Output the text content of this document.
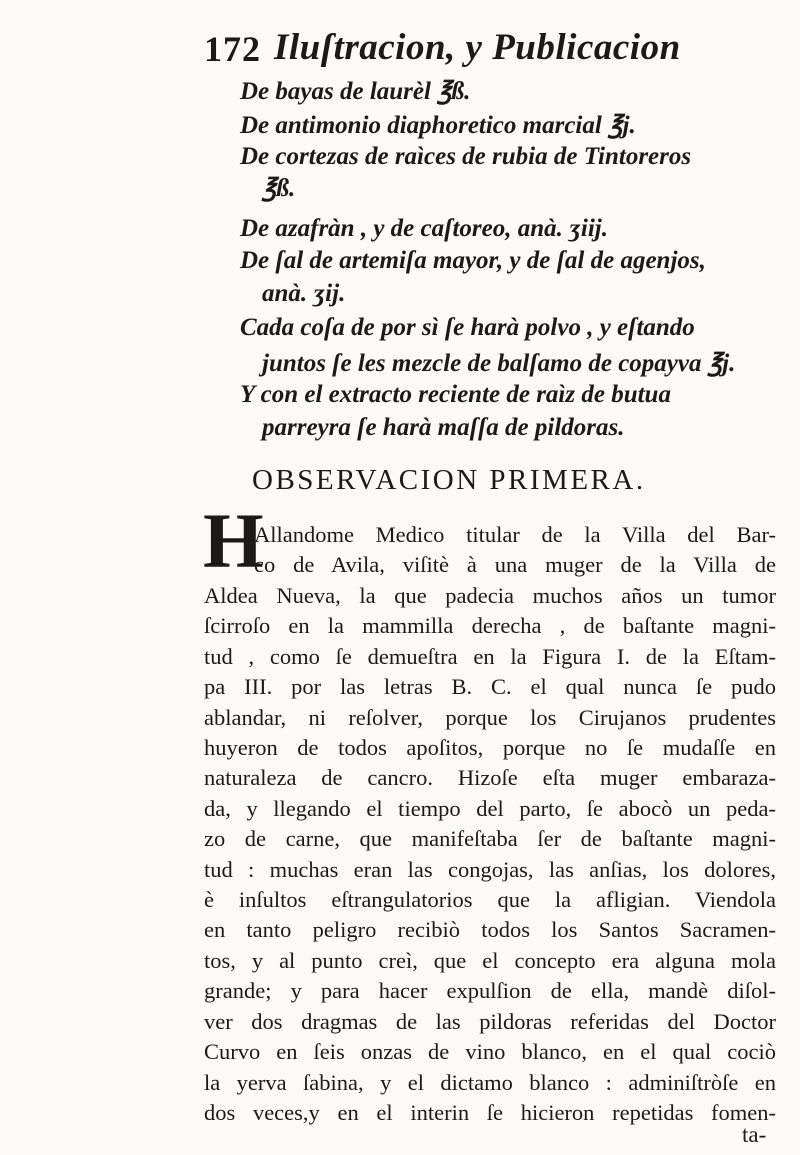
172 Iluſtracion, y Publicacion
De bayas de laurèl ℥ß.
De antimonio diaphoretico marcial ℥j.
De cortezas de raìces de rubia de Tintoreros
℥ß.
De azafràn , y de caſtoreo, anà. ʒiij.
De ſal de artemiſa mayor, y de ſal de agenjos,
anà. ʒij.
Cada coſa de por sì ſe harà polvo , y eſtando
juntos ſe les mezcle de balſamo de copayva ℥j.
Y con el extracto reciente de raìz de butua
parreyra ſe harà maſſa de pildoras.
OBSERVACION PRIMERA.
H
Allandome Medico titular de la Villa del Bar-
co de Avila, viſitè à una muger de la Villa de
Aldea Nueva, la que padecia muchos años un tumor
ſcirroſo en la mammilla derecha , de baſtante magni-
tud , como ſe demueſtra en la Figura I. de la Eſtam-
pa III. por las letras B. C. el qual nunca ſe pudo
ablandar, ni reſolver, porque los Cirujanos prudentes
huyeron de todos apoſitos, porque no ſe mudaſſe en
naturaleza de cancro. Hizoſe eſta muger embaraza-
da, y llegando el tiempo del parto, ſe abocò un peda-
zo de carne, que manifeſtaba ſer de baſtante magni-
tud : muchas eran las congojas, las anſias, los dolores,
è inſultos eſtrangulatorios que la afligian. Viendola
en tanto peligro recibiò todos los Santos Sacramen-
tos, y al punto creì, que el concepto era alguna mola
grande; y para hacer expulſion de ella, mandè diſol-
ver dos dragmas de las pildoras referidas del Doctor
Curvo en ſeis onzas de vino blanco, en el qual cociò
la yerva ſabina, y el dictamo blanco : adminiſtròſe en
dos veces,y en el interin ſe hicieron repetidas fomen-
ta-
